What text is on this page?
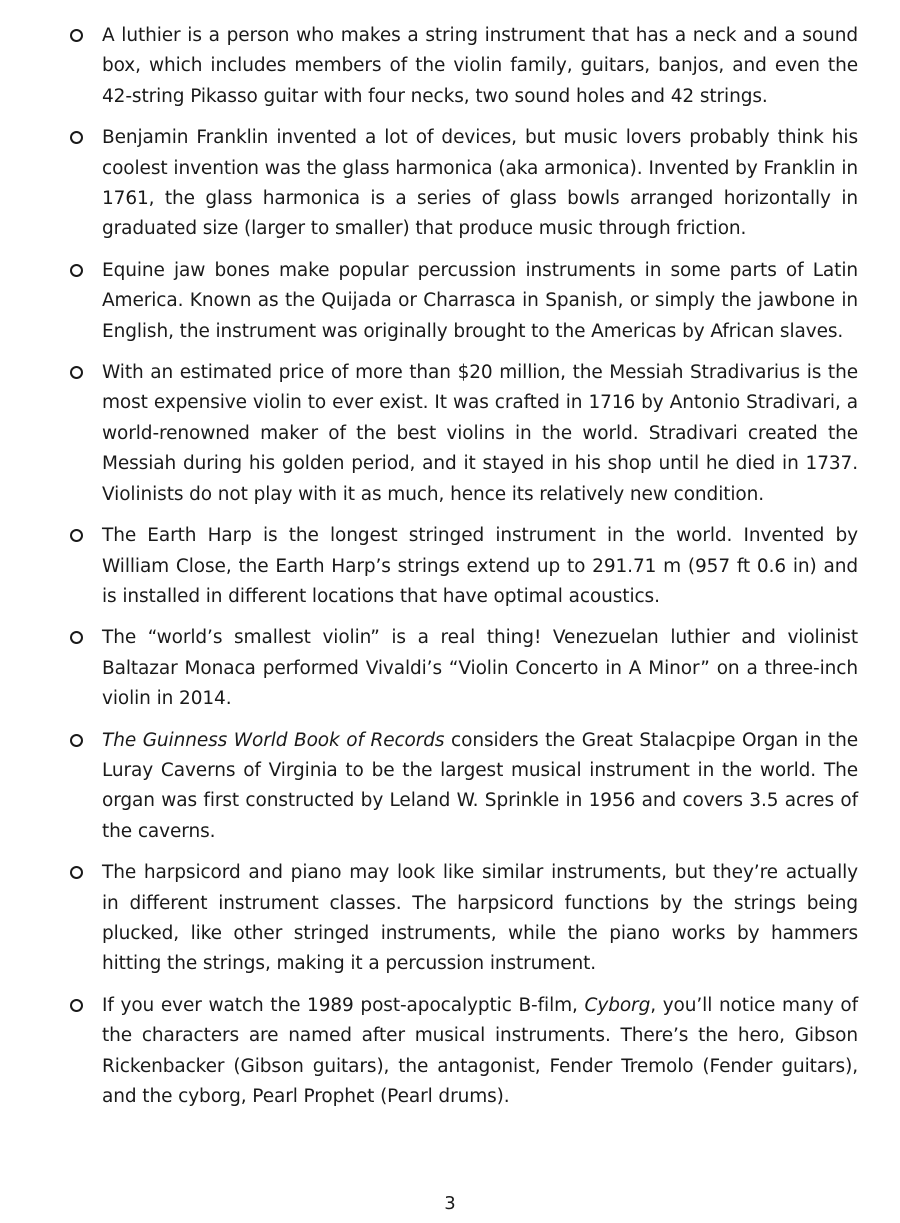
A luthier is a person who makes a string instrument that has a neck and a sound box, which includes members of the violin family, guitars, banjos, and even the 42-string Pikasso guitar with four necks, two sound holes and 42 strings.
Benjamin Franklin invented a lot of devices, but music lovers probably think his coolest invention was the glass harmonica (aka armonica). Invented by Franklin in 1761, the glass harmonica is a series of glass bowls arranged horizontally in graduated size (larger to smaller) that produce music through friction.
Equine jaw bones make popular percussion instruments in some parts of Latin America. Known as the Quijada or Charrasca in Spanish, or simply the jawbone in English, the instrument was originally brought to the Americas by African slaves.
With an estimated price of more than $20 million, the Messiah Stradivarius is the most expensive violin to ever exist. It was crafted in 1716 by Antonio Stradivari, a world-renowned maker of the best violins in the world. Stradivari created the Messiah during his golden period, and it stayed in his shop until he died in 1737. Violinists do not play with it as much, hence its relatively new condition.
The Earth Harp is the longest stringed instrument in the world. Invented by William Close, the Earth Harp’s strings extend up to 291.71 m (957 ft 0.6 in) and is installed in different locations that have optimal acoustics.
The “world’s smallest violin” is a real thing! Venezuelan luthier and violinist Baltazar Monaca performed Vivaldi’s “Violin Concerto in A Minor” on a three-inch violin in 2014.
The Guinness World Book of Records considers the Great Stalacpipe Organ in the Luray Caverns of Virginia to be the largest musical instrument in the world. The organ was first constructed by Leland W. Sprinkle in 1956 and covers 3.5 acres of the caverns.
The harpsicord and piano may look like similar instruments, but they’re actually in different instrument classes. The harpsicord functions by the strings being plucked, like other stringed instruments, while the piano works by hammers hitting the strings, making it a percussion instrument.
If you ever watch the 1989 post-apocalyptic B-film, Cyborg, you’ll notice many of the characters are named after musical instruments. There’s the hero, Gibson Rickenbacker (Gibson guitars), the antagonist, Fender Tremolo (Fender guitars), and the cyborg, Pearl Prophet (Pearl drums).
3
